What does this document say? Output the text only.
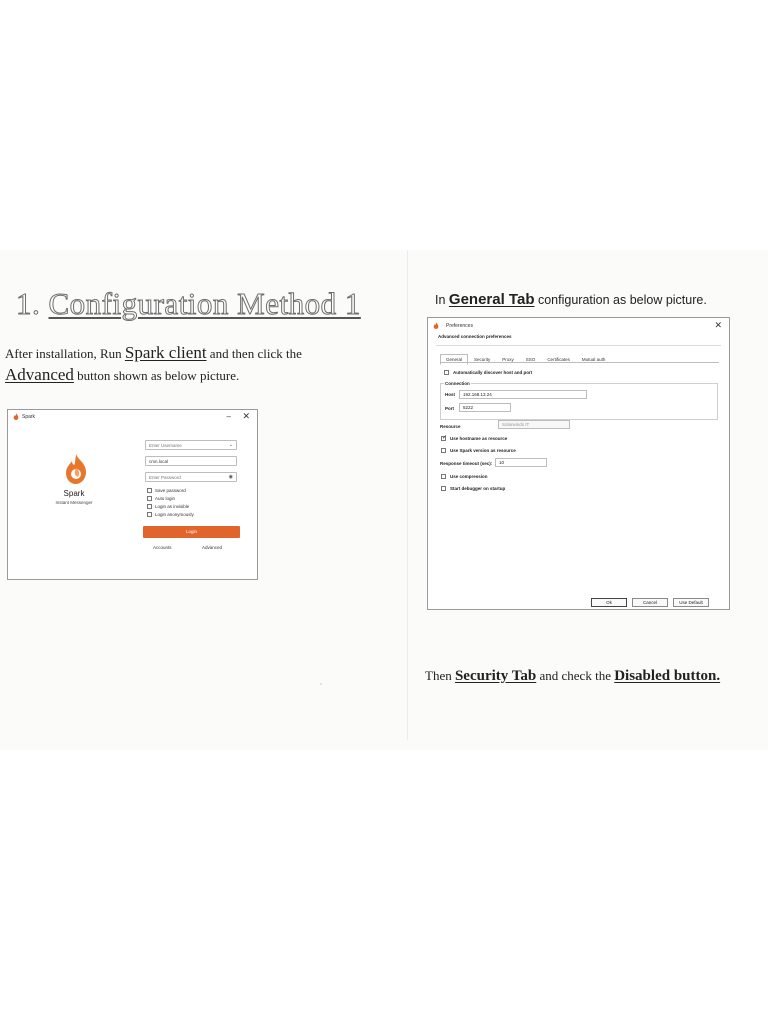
1. Configuration Method 1
After installation, Run Spark client and then click the
Advanced button shown as below picture.
Spark	– ✕
Spark
Instant Messenger
Enter Username	⌄
cmn.local
Enter Password	◉
Save password
Auto login
Login as invisible
Login anonymously
Login
Accounts	Advanced
In General Tab configuration as below picture.
Preferences	✕
Advanced connection preferences
General	Security	Proxy	SSO	Certificates	Mutual auth
Automatically discover host and port
Connection
Host	192.168.13.24
Port	5222
Resource	Solarwinds IT
✓
Use hostname as resource
Use Spark version as resource
Response timeout (sec):	10
Use compression
Start debugger on startup
Ok	Cancel	Use Default
Then Security Tab and check the Disabled button.
